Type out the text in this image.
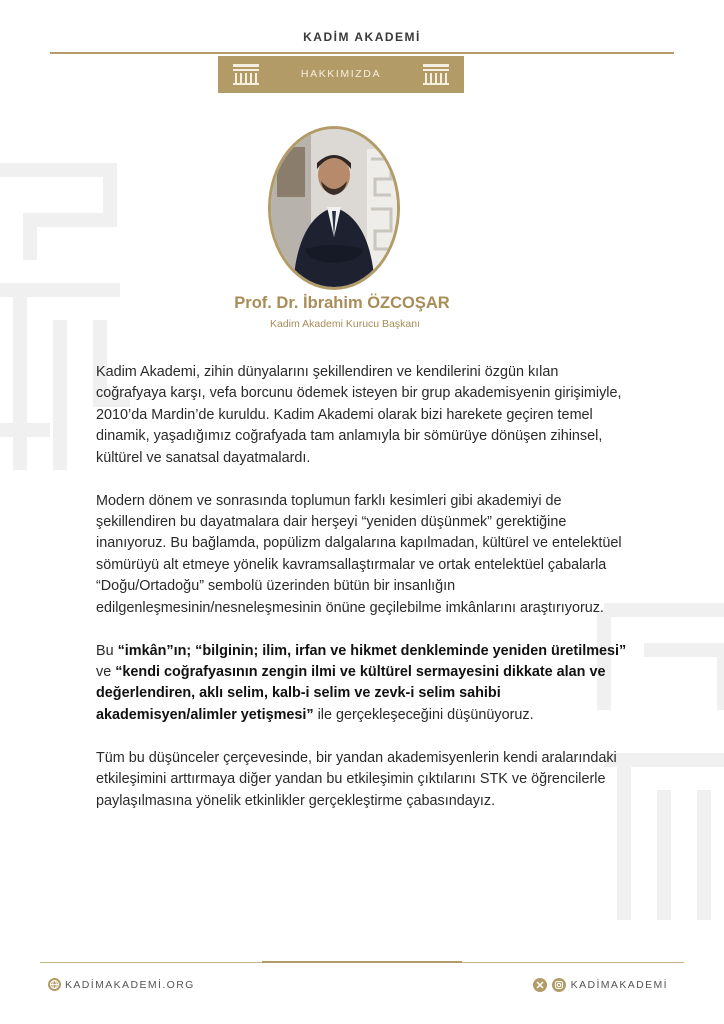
KADİM AKADEMİ
HAKKIMIZDA
Prof. Dr. İbrahim ÖZCOŞAR
Kadim Akademi Kurucu Başkanı

Kadim Akademi, zihin dünyalarını şekillendiren ve kendilerini özgün kılan coğrafyaya karşı, vefa borcunu ödemek isteyen bir grup akademisyenin girişimiyle, 2010’da Mardin’de kuruldu. Kadim Akademi olarak bizi harekete geçiren temel dinamik, yaşadığımız coğrafyada tam anlamıyla bir sömürüye dönüşen zihinsel, kültürel ve sanatsal dayatmalardı.

Modern dönem ve sonrasında toplumun farklı kesimleri gibi akademiyi de şekillendiren bu dayatmalara dair herşeyi “yeniden düşünmek” gerektiğine inanıyoruz. Bu bağlamda, popülizm dalgalarına kapılmadan, kültürel ve entelektüel sömürüyü alt etmeye yönelik kavramsallaştırmalar ve ortak entelektüel çabalarla “Doğu/Ortadoğu” sembolü üzerinden bütün bir insanlığın edilgenleşmesinin/nesneleşmesinin önüne geçilebilme imkânlarını araştırıyoruz.

Bu “imkân”ın; “bilginin; ilim, irfan ve hikmet denkleminde yeniden üretilmesi” ve “kendi coğrafyasının zengin ilmi ve kültürel sermayesini dikkate alan ve değerlendiren, aklı selim, kalb-i selim ve zevk-i selim sahibi akademisyen/alimler yetişmesi” ile gerçekleşeceğini düşünüyoruz.

Tüm bu düşünceler çerçevesinde, bir yandan akademisyenlerin kendi aralarındaki etkileşimini arttırmaya diğer yandan bu etkileşimin çıktılarını STK ve öğrencilerle paylaşılmasına yönelik etkinlikler gerçekleştirme çabasındayız.

KADİMAKADEMİ.ORG	KADİMAKADEMİ
